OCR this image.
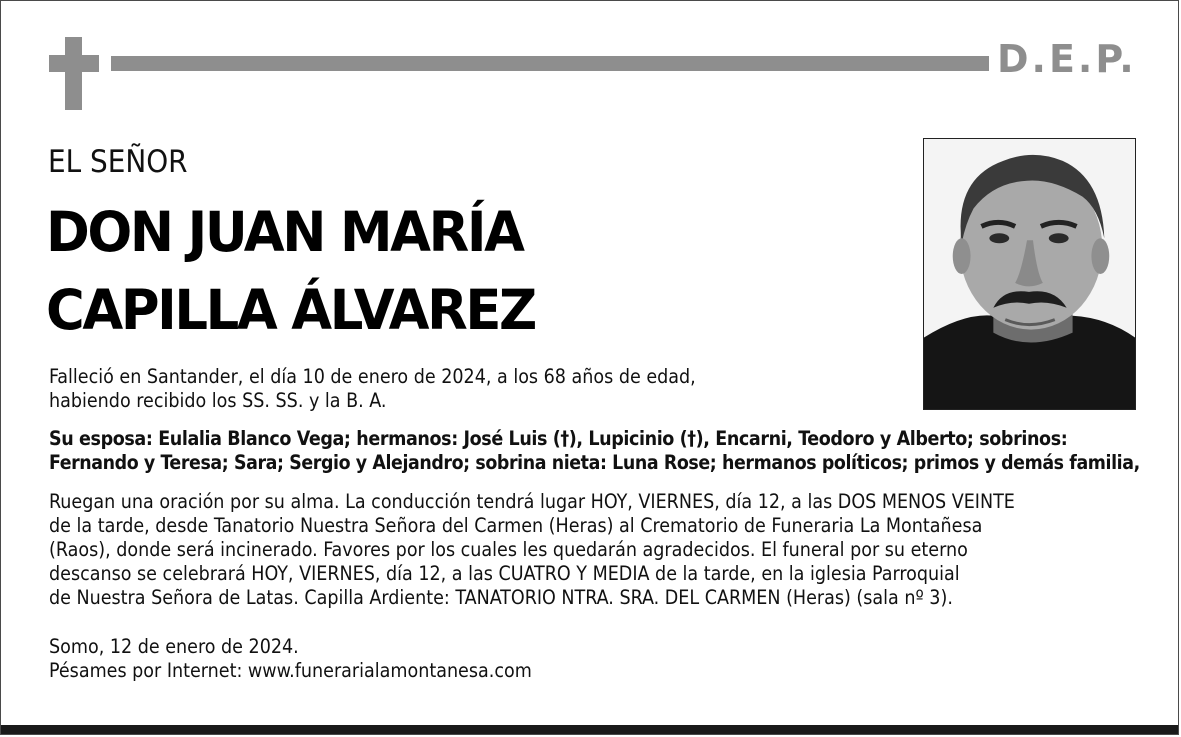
D.E.P.
EL SEÑOR
DON JUAN MARÍA
CAPILLA ÁLVAREZ
Falleció en Santander, el día 10 de enero de 2024, a los 68 años de edad,
habiendo recibido los SS. SS. y la B. A.
Su esposa: Eulalia Blanco Vega; hermanos: José Luis (†), Lupicinio (†), Encarni, Teodoro y Alberto; sobrinos:
Fernando y Teresa; Sara; Sergio y Alejandro; sobrina nieta: Luna Rose; hermanos políticos; primos y demás familia,
Ruegan una oración por su alma. La conducción tendrá lugar HOY, VIERNES, día 12, a las DOS MENOS VEINTE
de la tarde, desde Tanatorio Nuestra Señora del Carmen (Heras) al Crematorio de Funeraria La Montañesa
(Raos), donde será incinerado. Favores por los cuales les quedarán agradecidos. El funeral por su eterno
descanso se celebrará HOY, VIERNES, día 12, a las CUATRO Y MEDIA de la tarde, en la iglesia Parroquial
de Nuestra Señora de Latas. Capilla Ardiente: TANATORIO NTRA. SRA. DEL CARMEN (Heras) (sala nº 3).
Somo, 12 de enero de 2024.
Pésames por Internet: www.funerarialamontanesa.com
